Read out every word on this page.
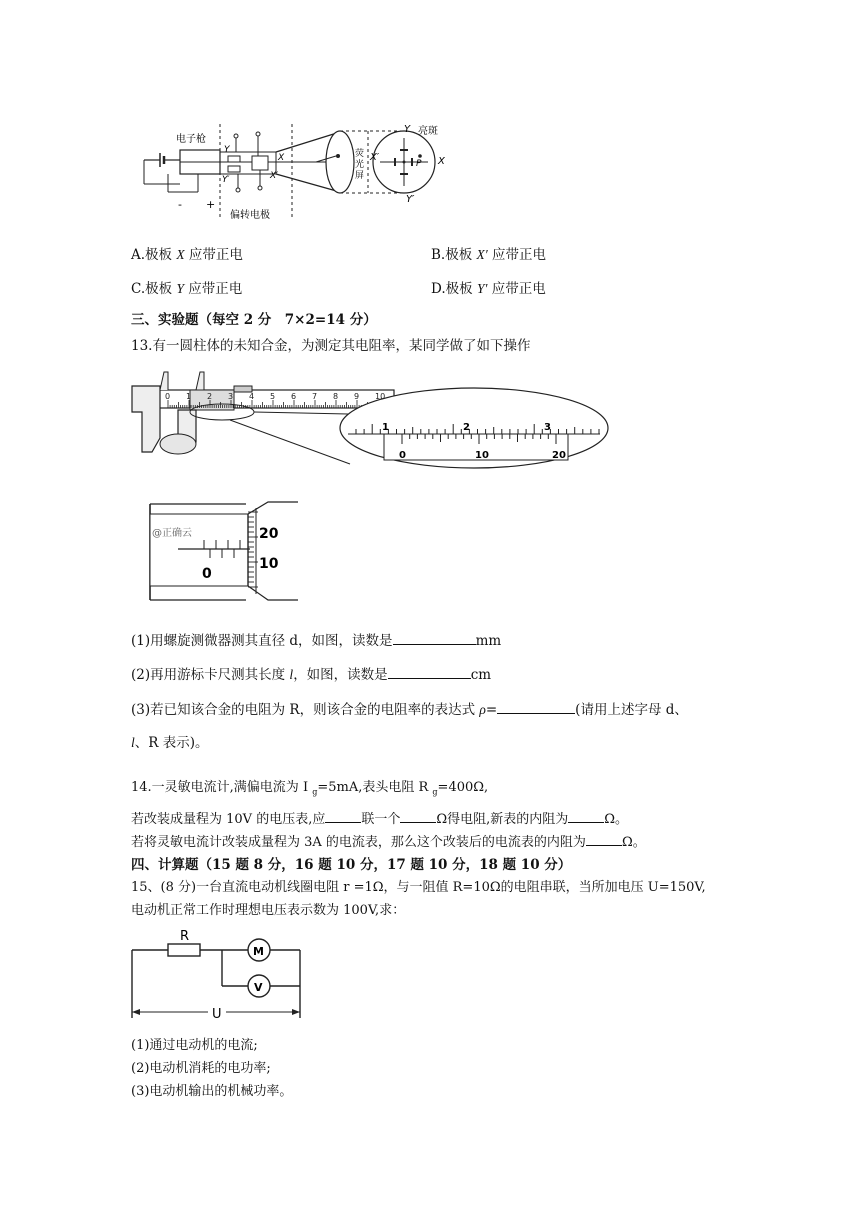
电子枪
- +
Y
Y′
X
X′
偏转电极
荧
光
屏
Y
Y′
X
X′
P
亮斑
A.极板 X 应带正电	B.极板 X′ 应带正电
C.极板 Y 应带正电	D.极板 Y′ 应带正电
三、实验题（每空 2 分　7×2=14 分）
13.有一圆柱体的未知合金，为测定其电阻率，某同学做了如下操作
0 1 2 3 4 5 6 7 8 9 10
1	2	3
0	10	20
@正确云
0
20
10
(1)用螺旋测微器测其直径 d，如图，读数是	mm
(2)再用游标卡尺测其长度 l，如图，读数是	cm
(3)若已知该合金的电阻为 R，则该合金的电阻率的表达式 ρ=	(请用上述字母 d、
l、R 表示)。
14.一灵敏电流计,满偏电流为 I $_g$=5mA,表头电阻 R $_g$=400Ω,
若改装成量程为 10V 的电压表,应	联一个	Ω得电阻,新表的内阻为	Ω。
若将灵敏电流计改装成量程为 3A 的电流表，那么这个改装后的电流表的内阻为	Ω。
四、计算题（15 题 8 分，16 题 10 分，17 题 10 分，18 题 10 分）
15、(8 分)一台直流电动机线圈电阻 r =1Ω，与一阻值 R=10Ω的电阻串联，当所加电压 U=150V,
电动机正常工作时理想电压表示数为 100V,求：
R
M
V
U
(1)通过电动机的电流;
(2)电动机消耗的电功率;
(3)电动机输出的机械功率。
